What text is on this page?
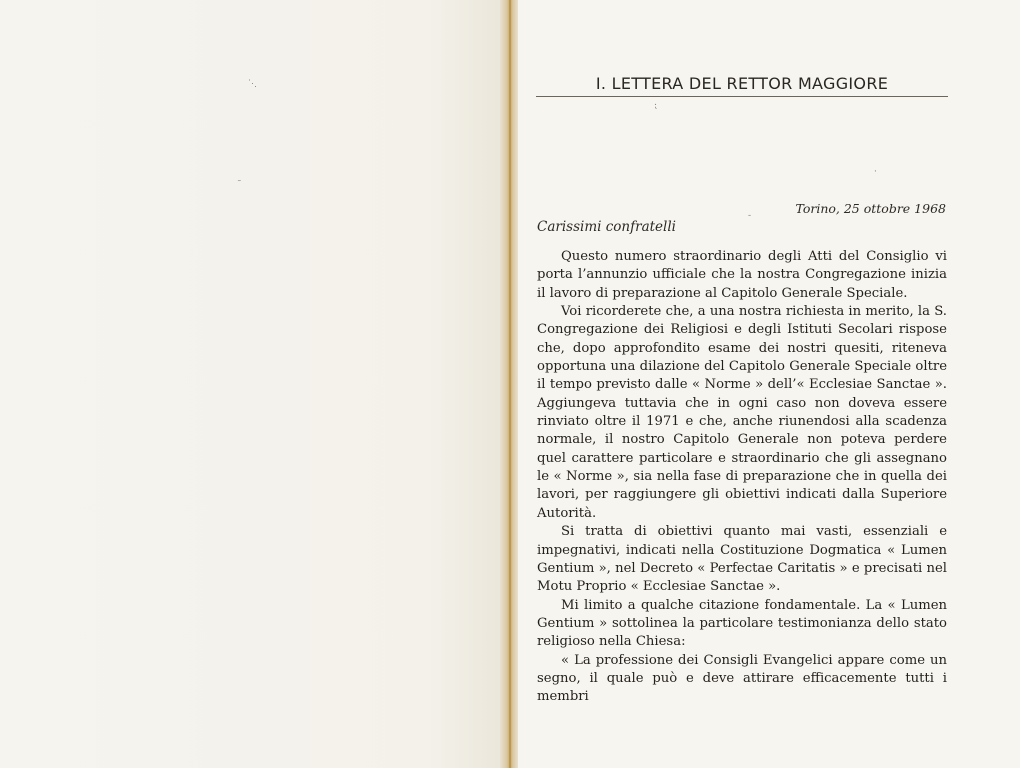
⋱
˜
⁏
·
-
I. LETTERA DEL RETTOR MAGGIORE
Torino, 25 ottobre 1968
Carissimi confratelli

Questo numero straordinario degli Atti del Consiglio vi porta l’annunzio ufficiale che la nostra Congregazione inizia il lavoro di preparazione al Capitolo Generale Speciale.

Voi ricorderete che, a una nostra richiesta in merito, la S. Congregazione dei Religiosi e degli Istituti Secolari rispose che, dopo approfondito esame dei nostri quesiti, riteneva opportuna una dilazione del Capitolo Generale Speciale oltre il tempo previsto dalle « Norme » dell’« Ecclesiae Sanctae ». Aggiungeva tuttavia che in ogni caso non doveva essere rinviato oltre il 1971 e che, anche riunendosi alla scadenza normale, il nostro Capitolo Generale non poteva perdere quel carattere particolare e straordinario che gli assegnano le « Norme », sia nella fase di preparazione che in quella dei lavori, per raggiungere gli obiettivi indicati dalla Superiore Autorità.

Si tratta di obiettivi quanto mai vasti, essenziali e impegnativi, indicati nella Costituzione Dogmatica « Lumen Gentium », nel Decreto « Perfectae Caritatis » e precisati nel Motu Proprio « Ecclesiae Sanctae ».

Mi limito a qualche citazione fondamentale. La « Lumen Gentium » sottolinea la particolare testimonianza dello stato religioso nella Chiesa:

« La professione dei Consigli Evangelici appare come un segno, il quale può e deve attirare efficacemente tutti i membri
